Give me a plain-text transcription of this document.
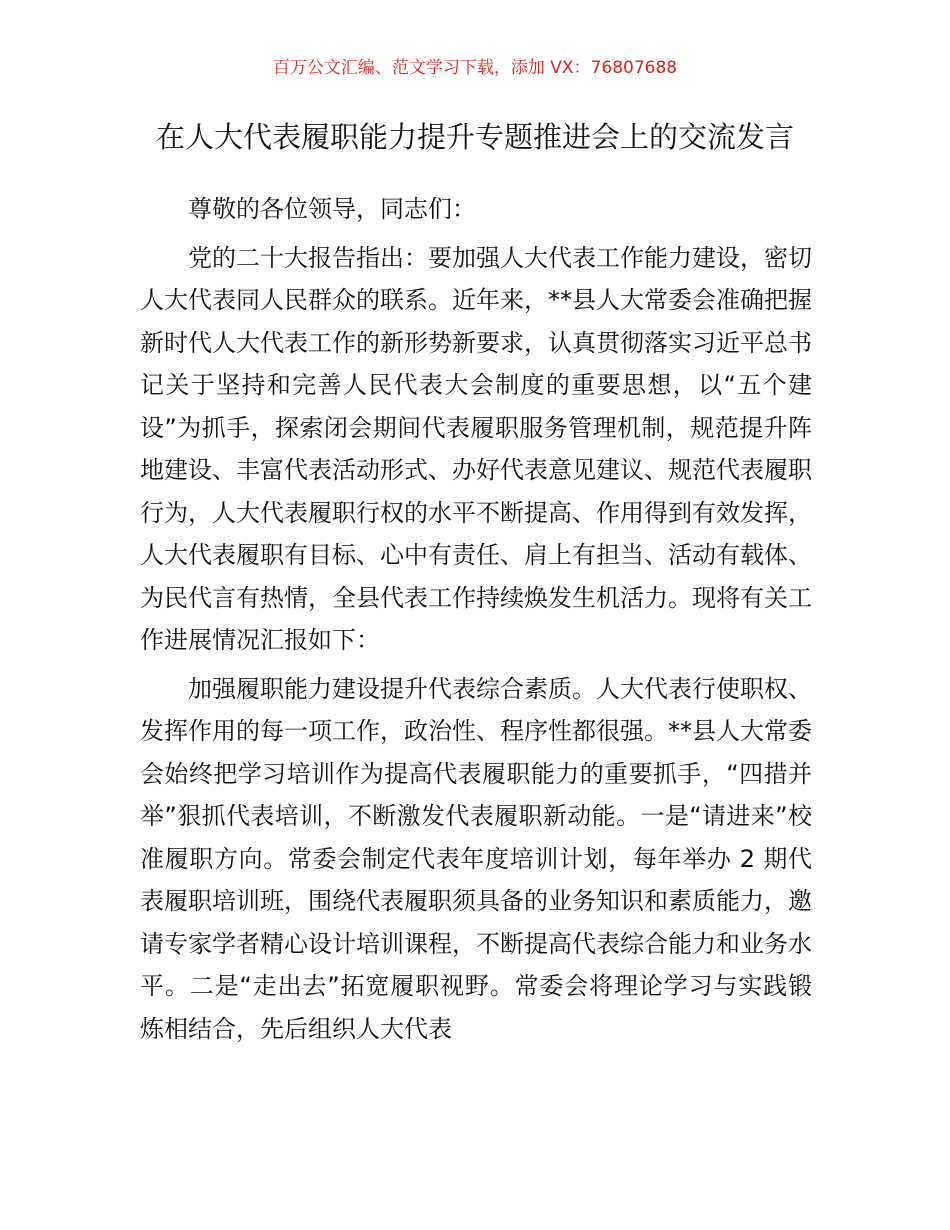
百万公文汇编、范文学习下载，添加 VX：76807688
在人大代表履职能力提升专题推进会上的交流发言

尊敬的各位领导，同志们：

党的二十大报告指出：要加强人大代表工作能力建设，密切人大代表同人民群众的联系。近年来，**县人大常委会准确把握新时代人大代表工作的新形势新要求，认真贯彻落实习近平总书记关于坚持和完善人民代表大会制度的重要思想，以“五个建设”为抓手，探索闭会期间代表履职服务管理机制，规范提升阵地建设、丰富代表活动形式、办好代表意见建议、规范代表履职行为，人大代表履职行权的水平不断提高、作用得到有效发挥，人大代表履职有目标、心中有责任、肩上有担当、活动有载体、为民代言有热情，全县代表工作持续焕发生机活力。现将有关工作进展情况汇报如下：

加强履职能力建设提升代表综合素质。人大代表行使职权、发挥作用的每一项工作，政治性、程序性都很强。**县人大常委会始终把学习培训作为提高代表履职能力的重要抓手，“四措并举”狠抓代表培训，不断激发代表履职新动能。一是“请进来”校准履职方向。常委会制定代表年度培训计划，每年举办 2 期代表履职培训班，围绕代表履职须具备的业务知识和素质能力，邀请专家学者精心设计培训课程，不断提高代表综合能力和业务水平。二是“走出去”拓宽履职视野。常委会将理论学习与实践锻炼相结合，先后组织人大代表
